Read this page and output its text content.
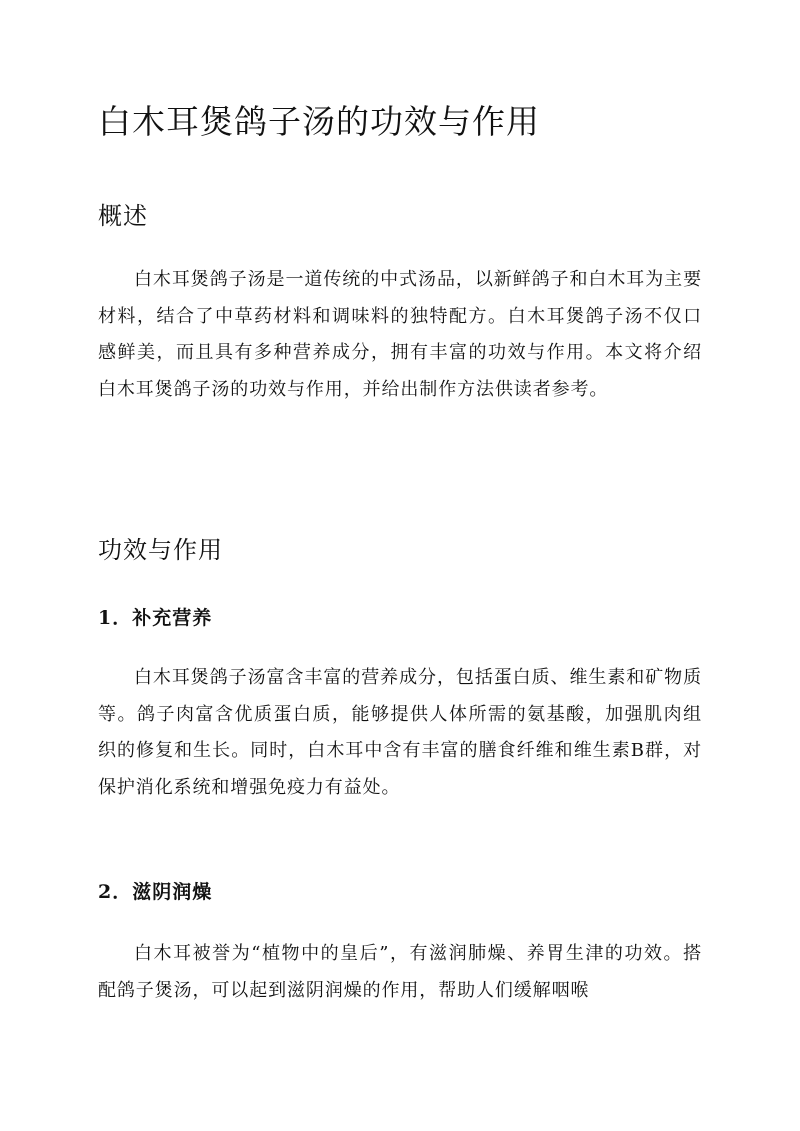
白木耳煲鸽子汤的功效与作用
概述

白木耳煲鸽子汤是一道传统的中式汤品，以新鲜鸽子和白木耳为主要材料，结合了中草药材料和调味料的独特配方。白木耳煲鸽子汤不仅口感鲜美，而且具有多种营养成分，拥有丰富的功效与作用。本文将介绍白木耳煲鸽子汤的功效与作用，并给出制作方法供读者参考。

功效与作用
1．补充营养

白木耳煲鸽子汤富含丰富的营养成分，包括蛋白质、维生素和矿物质等。鸽子肉富含优质蛋白质，能够提供人体所需的氨基酸，加强肌肉组织的修复和生长。同时，白木耳中含有丰富的膳食纤维和维生素B群，对保护消化系统和增强免疫力有益处。

2．滋阴润燥

白木耳被誉为“植物中的皇后”，有滋润肺燥、养胃生津的功效。搭配鸽子煲汤，可以起到滋阴润燥的作用，帮助人们缓解咽喉
